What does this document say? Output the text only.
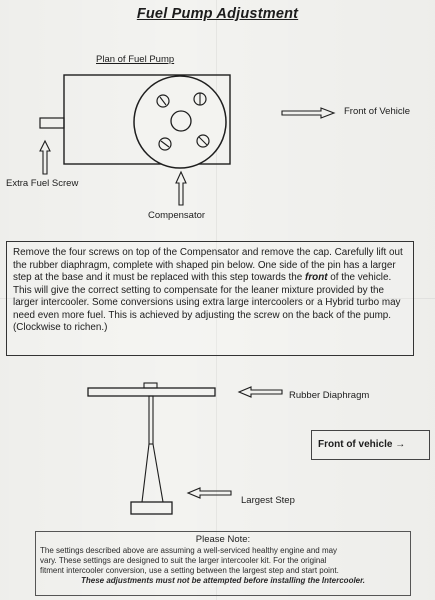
Fuel Pump Adjustment
Plan of Fuel Pump
Front of Vehicle
Extra Fuel Screw
Compensator

Remove the four screws on top of the Compensator and remove the cap. Carefully lift out the rubber diaphragm, complete with shaped pin below. One side of the pin has a larger step at the base and it must be replaced with this step towards the front of the vehicle. This will give the correct setting to compensate for the leaner mixture provided by the larger intercooler. Some conversions using extra large intercoolers or a Hybrid turbo may need even more fuel. This is achieved by adjusting the screw on the back of the pump. (Clockwise to richen.)

Rubber Diaphragm
Front of vehicle →
Largest Step
Please Note:

The settings described above are assuming a well-serviced healthy engine and may

vary. These settings are designed to suit the larger intercooler kit. For the original

fitment intercooler conversion, use a setting between the largest step and start point.

These adjustments must not be attempted before installing the Intercooler.
